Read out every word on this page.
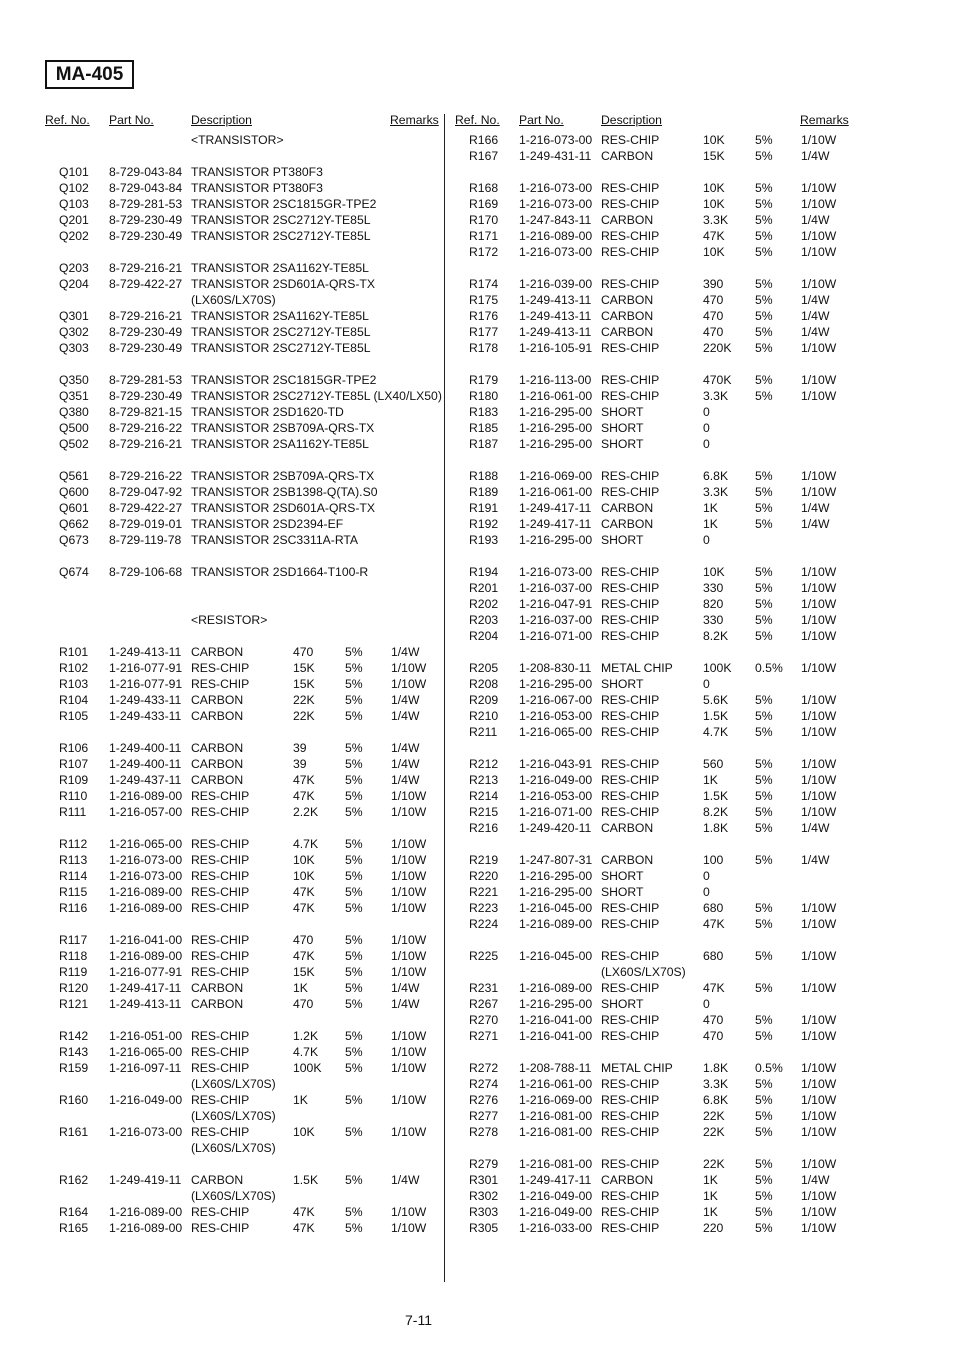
MA-405
Ref. No. Part No.	Description	Remarks
<TRANSISTOR>
Q101 8-729-043-84 TRANSISTOR PT380F3
Q102 8-729-043-84 TRANSISTOR PT380F3
Q103 8-729-281-53 TRANSISTOR 2SC1815GR-TPE2
Q201 8-729-230-49 TRANSISTOR 2SC2712Y-TE85L
Q202 8-729-230-49 TRANSISTOR 2SC2712Y-TE85L
Q203 8-729-216-21 TRANSISTOR 2SA1162Y-TE85L
Q204 8-729-422-27 TRANSISTOR 2SD601A-QRS-TX
(LX60S/LX70S)
Q301 8-729-216-21 TRANSISTOR 2SA1162Y-TE85L
Q302 8-729-230-49 TRANSISTOR 2SC2712Y-TE85L
Q303 8-729-230-49 TRANSISTOR 2SC2712Y-TE85L
Q350 8-729-281-53 TRANSISTOR 2SC1815GR-TPE2
Q351 8-729-230-49 TRANSISTOR 2SC2712Y-TE85L (LX40/LX50)
Q380 8-729-821-15 TRANSISTOR 2SD1620-TD
Q500 8-729-216-22 TRANSISTOR 2SB709A-QRS-TX
Q502 8-729-216-21 TRANSISTOR 2SA1162Y-TE85L
Q561 8-729-216-22 TRANSISTOR 2SB709A-QRS-TX
Q600 8-729-047-92 TRANSISTOR 2SB1398-Q(TA).S0
Q601 8-729-422-27 TRANSISTOR 2SD601A-QRS-TX
Q662 8-729-019-01 TRANSISTOR 2SD2394-EF
Q673 8-729-119-78 TRANSISTOR 2SC3311A-RTA
Q674 8-729-106-68 TRANSISTOR 2SD1664-T100-R
<RESISTOR>
R101 1-249-413-11 CARBON	470	5% 1/4W
R102 1-216-077-91 RES-CHIP	15K 5% 1/10W
R103 1-216-077-91 RES-CHIP	15K 5% 1/10W
R104 1-249-433-11 CARBON	22K 5% 1/4W
R105 1-249-433-11 CARBON	22K 5% 1/4W
R106 1-249-400-11 CARBON	39	5% 1/4W
R107 1-249-400-11 CARBON	39	5% 1/4W
R109 1-249-437-11 CARBON	47K 5% 1/4W
R110 1-216-089-00 RES-CHIP	47K 5% 1/10W
R111 1-216-057-00 RES-CHIP	2.2K 5% 1/10W
R112 1-216-065-00 RES-CHIP	4.7K 5% 1/10W
R113 1-216-073-00 RES-CHIP	10K 5% 1/10W
R114 1-216-073-00 RES-CHIP	10K 5% 1/10W
R115 1-216-089-00 RES-CHIP	47K 5% 1/10W
R116 1-216-089-00 RES-CHIP	47K 5% 1/10W
R117 1-216-041-00 RES-CHIP	470	5% 1/10W
R118 1-216-089-00 RES-CHIP	47K 5% 1/10W
R119 1-216-077-91 RES-CHIP	15K 5% 1/10W
R120 1-249-417-11 CARBON	1K	5% 1/4W
R121 1-249-413-11 CARBON	470	5% 1/4W
R142 1-216-051-00 RES-CHIP	1.2K 5% 1/10W
R143 1-216-065-00 RES-CHIP	4.7K 5% 1/10W
R159 1-216-097-11 RES-CHIP	100K 5% 1/10W
(LX60S/LX70S)
R160 1-216-049-00 RES-CHIP	1K	5% 1/10W
(LX60S/LX70S)
R161 1-216-073-00 RES-CHIP	10K 5% 1/10W
(LX60S/LX70S)
R162 1-249-419-11 CARBON	1.5K 5% 1/4W
(LX60S/LX70S)
R164 1-216-089-00 RES-CHIP	47K 5% 1/10W
R165 1-216-089-00 RES-CHIP	47K 5% 1/10W
Ref. No. Part No.	Description	Remarks
R166 1-216-073-00 RES-CHIP	10K 5% 1/10W
R167 1-249-431-11 CARBON	15K 5% 1/4W
R168 1-216-073-00 RES-CHIP	10K 5% 1/10W
R169 1-216-073-00 RES-CHIP	10K 5% 1/10W
R170 1-247-843-11 CARBON	3.3K 5% 1/4W
R171 1-216-089-00 RES-CHIP	47K 5% 1/10W
R172 1-216-073-00 RES-CHIP	10K 5% 1/10W
R174 1-216-039-00 RES-CHIP	390	5% 1/10W
R175 1-249-413-11 CARBON	470	5% 1/4W
R176 1-249-413-11 CARBON	470	5% 1/4W
R177 1-249-413-11 CARBON	470	5% 1/4W
R178 1-216-105-91 RES-CHIP	220K 5% 1/10W
R179 1-216-113-00 RES-CHIP	470K 5% 1/10W
R180 1-216-061-00 RES-CHIP	3.3K 5% 1/10W
R183 1-216-295-00 SHORT	0
R185 1-216-295-00 SHORT	0
R187 1-216-295-00 SHORT	0
R188 1-216-069-00 RES-CHIP	6.8K 5% 1/10W
R189 1-216-061-00 RES-CHIP	3.3K 5% 1/10W
R191 1-249-417-11 CARBON	1K	5% 1/4W
R192 1-249-417-11 CARBON	1K	5% 1/4W
R193 1-216-295-00 SHORT	0
R194 1-216-073-00 RES-CHIP	10K 5% 1/10W
R201 1-216-037-00 RES-CHIP	330	5% 1/10W
R202 1-216-047-91 RES-CHIP	820	5% 1/10W
R203 1-216-037-00 RES-CHIP	330	5% 1/10W
R204 1-216-071-00 RES-CHIP	8.2K 5% 1/10W
R205 1-208-830-11 METAL CHIP 100K 0.5% 1/10W
R208 1-216-295-00 SHORT	0
R209 1-216-067-00 RES-CHIP	5.6K 5% 1/10W
R210 1-216-053-00 RES-CHIP	1.5K 5% 1/10W
R211 1-216-065-00 RES-CHIP	4.7K 5% 1/10W
R212 1-216-043-91 RES-CHIP	560	5% 1/10W
R213 1-216-049-00 RES-CHIP	1K	5% 1/10W
R214 1-216-053-00 RES-CHIP	1.5K 5% 1/10W
R215 1-216-071-00 RES-CHIP	8.2K 5% 1/10W
R216 1-249-420-11 CARBON	1.8K 5% 1/4W
R219 1-247-807-31 CARBON	100	5% 1/4W
R220 1-216-295-00 SHORT	0
R221 1-216-295-00 SHORT	0
R223 1-216-045-00 RES-CHIP	680	5% 1/10W
R224 1-216-089-00 RES-CHIP	47K 5% 1/10W
R225 1-216-045-00 RES-CHIP	680	5% 1/10W
(LX60S/LX70S)
R231 1-216-089-00 RES-CHIP	47K 5% 1/10W
R267 1-216-295-00 SHORT	0
R270 1-216-041-00 RES-CHIP	470	5% 1/10W
R271 1-216-041-00 RES-CHIP	470	5% 1/10W
R272 1-208-788-11 METAL CHIP 1.8K 0.5% 1/10W
R274 1-216-061-00 RES-CHIP	3.3K 5% 1/10W
R276 1-216-069-00 RES-CHIP	6.8K 5% 1/10W
R277 1-216-081-00 RES-CHIP	22K 5% 1/10W
R278 1-216-081-00 RES-CHIP	22K 5% 1/10W
R279 1-216-081-00 RES-CHIP	22K 5% 1/10W
R301 1-249-417-11 CARBON	1K	5% 1/4W
R302 1-216-049-00 RES-CHIP	1K	5% 1/10W
R303 1-216-049-00 RES-CHIP	1K	5% 1/10W
R305 1-216-033-00 RES-CHIP	220	5% 1/10W
7-11
